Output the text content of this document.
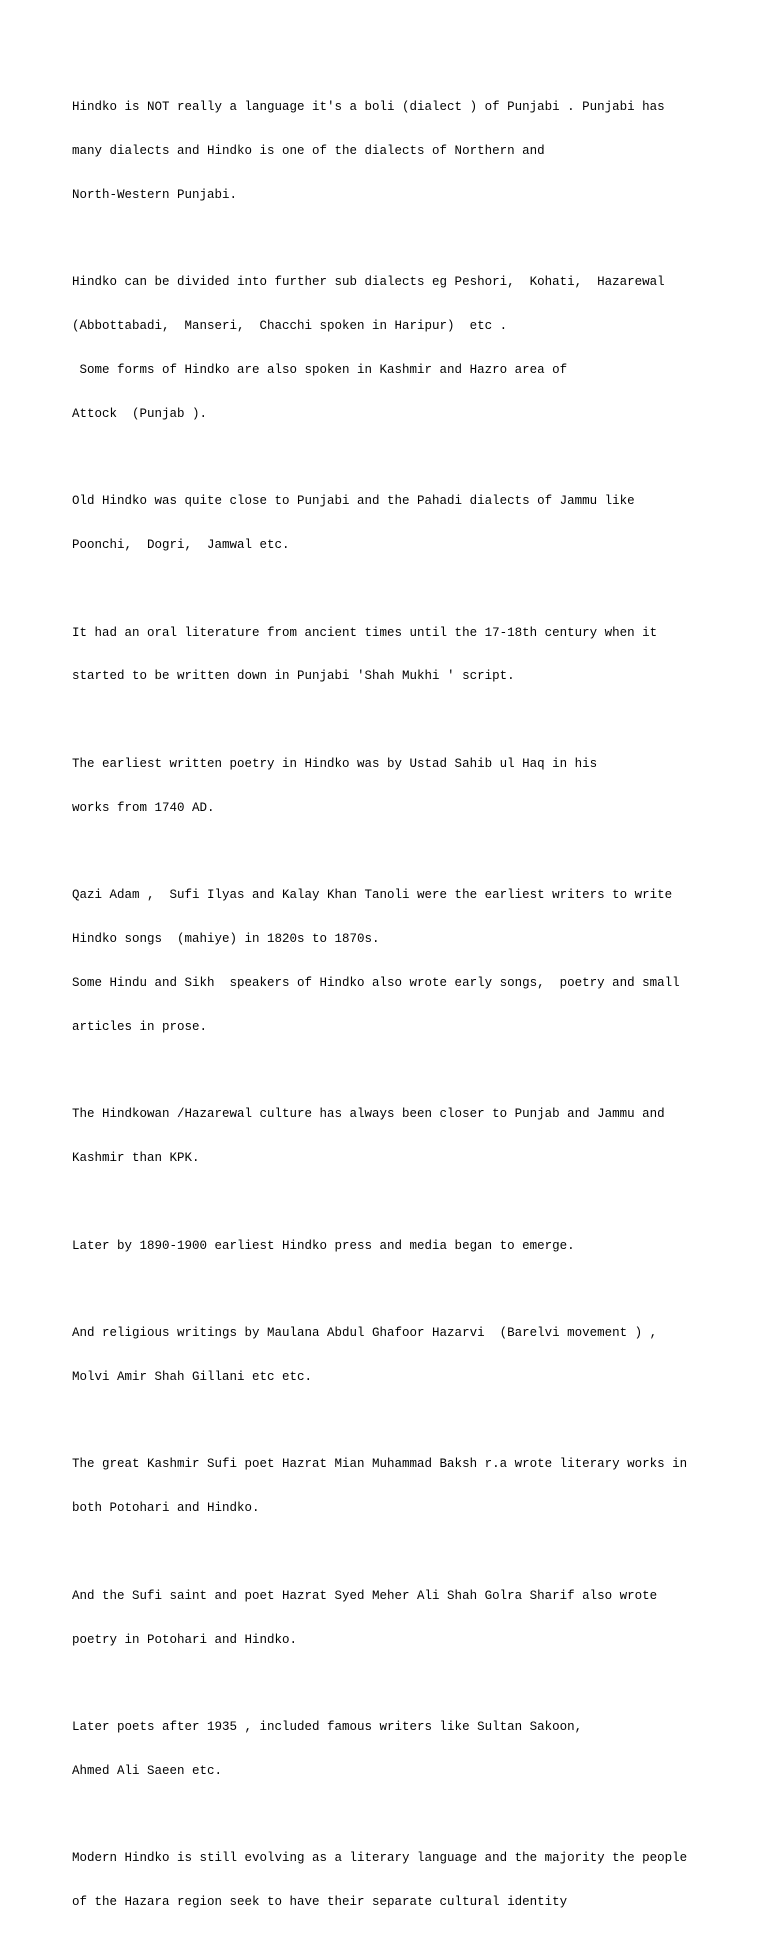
Hindko is NOT really a language it's a boli (dialect ) of Punjabi . Punjabi has

many dialects and Hindko is one of the dialects of Northern and

North-Western Punjabi.

Hindko can be divided into further sub dialects eg Peshori,  Kohati,  Hazarewal

(Abbottabadi,  Manseri,  Chacchi spoken in Haripur)  etc .

Some forms of Hindko are also spoken in Kashmir and Hazro area of

Attock  (Punjab ).

Old Hindko was quite close to Punjabi and the Pahadi dialects of Jammu like

Poonchi,  Dogri,  Jamwal etc.

It had an oral literature from ancient times until the 17-18th century when it

started to be written down in Punjabi 'Shah Mukhi ' script.

The earliest written poetry in Hindko was by Ustad Sahib ul Haq in his

works from 1740 AD.

Qazi Adam ,  Sufi Ilyas and Kalay Khan Tanoli were the earliest writers to write

Hindko songs  (mahiye) in 1820s to 1870s.

Some Hindu and Sikh  speakers of Hindko also wrote early songs,  poetry and small

articles in prose.

The Hindkowan /Hazarewal culture has always been closer to Punjab and Jammu and

Kashmir than KPK.

Later by 1890-1900 earliest Hindko press and media began to emerge.

And religious writings by Maulana Abdul Ghafoor Hazarvi  (Barelvi movement ) ,

Molvi Amir Shah Gillani etc etc.

The great Kashmir Sufi poet Hazrat Mian Muhammad Baksh r.a wrote literary works in

both Potohari and Hindko.

And the Sufi saint and poet Hazrat Syed Meher Ali Shah Golra Sharif also wrote

poetry in Potohari and Hindko.

Later poets after 1935 , included famous writers like Sultan Sakoon,

Ahmed Ali Saeen etc.

Modern Hindko is still evolving as a literary language and the majority the people

of the Hazara region seek to have their separate cultural identity
